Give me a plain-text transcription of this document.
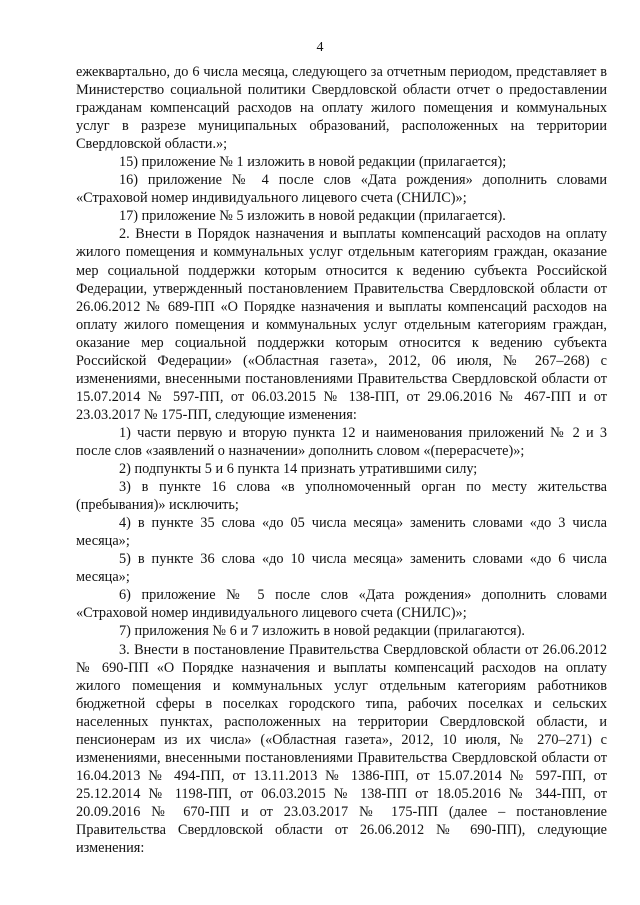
4

ежеквартально, до 6 числа месяца, следующего за отчетным периодом, представляет в Министерство социальной политики Свердловской области отчет о предоставлении гражданам компенсаций расходов на оплату жилого помещения и коммунальных услуг в разрезе муниципальных образований, расположенных на территории Свердловской области.»;

15) приложение № 1 изложить в новой редакции (прилагается);

16) приложение № 4 после слов «Дата рождения» дополнить словами «Страховой номер индивидуального лицевого счета (СНИЛС)»;

17) приложение № 5 изложить в новой редакции (прилагается).

2. Внести в Порядок назначения и выплаты компенсаций расходов на оплату жилого помещения и коммунальных услуг отдельным категориям граждан, оказание мер социальной поддержки которым относится к ведению субъекта Российской Федерации, утвержденный постановлением Правительства Свердловской области от 26.06.2012 № 689-ПП «О Порядке назначения и выплаты компенсаций расходов на оплату жилого помещения и коммунальных услуг отдельным категориям граждан, оказание мер социальной поддержки которым относится к ведению субъекта Российской Федерации» («Областная газета», 2012, 06 июля, № 267–268) с изменениями, внесенными постановлениями Правительства Свердловской области от 15.07.2014 № 597-ПП, от 06.03.2015 № 138-ПП, от 29.06.2016 № 467-ПП и от 23.03.2017 № 175-ПП, следующие изменения:

1) части первую и вторую пункта 12 и наименования приложений № 2 и 3 после слов «заявлений о назначении» дополнить словом «(перерасчете)»;

2) подпункты 5 и 6 пункта 14 признать утратившими силу;

3) в пункте 16 слова «в уполномоченный орган по месту жительства (пребывания)» исключить;

4) в пункте 35 слова «до 05 числа месяца» заменить словами «до 3 числа месяца»;

5) в пункте 36 слова «до 10 числа месяца» заменить словами «до 6 числа месяца»;

6) приложение № 5 после слов «Дата рождения» дополнить словами «Страховой номер индивидуального лицевого счета (СНИЛС)»;

7) приложения № 6 и 7 изложить в новой редакции (прилагаются).

3. Внести в постановление Правительства Свердловской области от 26.06.2012 № 690-ПП «О Порядке назначения и выплаты компенсаций расходов на оплату жилого помещения и коммунальных услуг отдельным категориям работников бюджетной сферы в поселках городского типа, рабочих поселках и сельских населенных пунктах, расположенных на территории Свердловской области, и пенсионерам из их числа» («Областная газета», 2012, 10 июля, № 270–271) с изменениями, внесенными постановлениями Правительства Свердловской области от 16.04.2013 № 494-ПП, от 13.11.2013 № 1386-ПП, от 15.07.2014 № 597-ПП, от 25.12.2014 № 1198-ПП, от 06.03.2015 № 138-ПП от 18.05.2016 № 344-ПП, от 20.09.2016 № 670-ПП и от 23.03.2017 № 175-ПП (далее – постановление Правительства Свердловской области от 26.06.2012 № 690-ПП), следующие изменения:
